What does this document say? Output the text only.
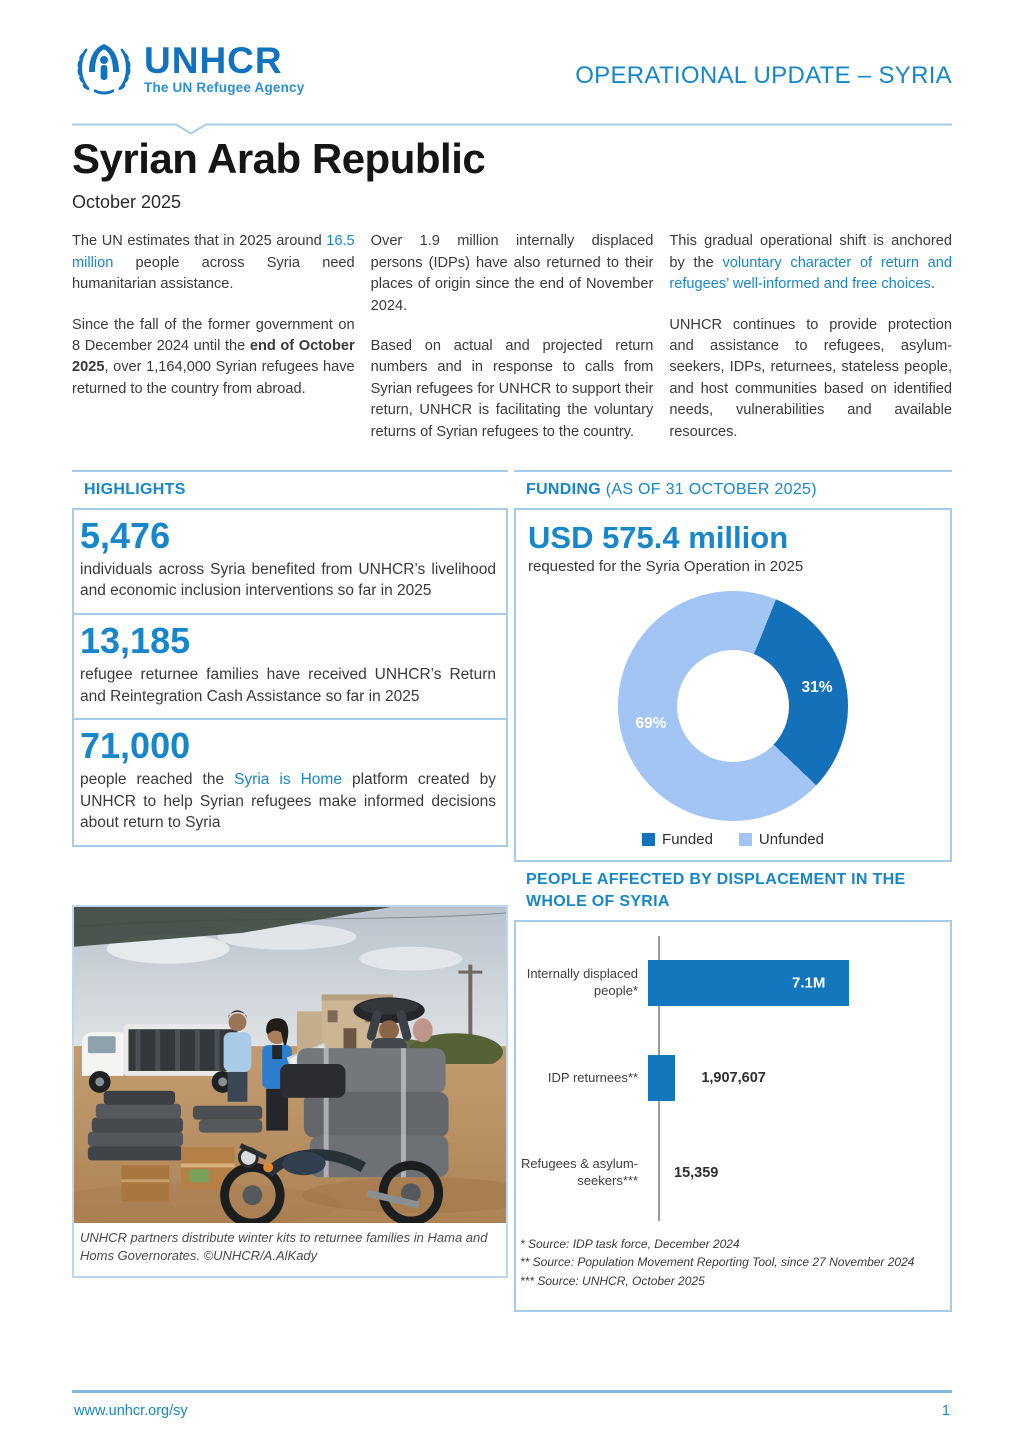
UNHCR
The UN Refugee Agency	OPERATIONAL UPDATE – SYRIA
Syrian Arab Republic
October 2025

The UN estimates that in 2025 around 16.5 million people across Syria need humanitarian assistance.

Since the fall of the former government on 8 December 2024 until the end of October 2025, over 1,164,000 Syrian refugees have returned to the country from abroad.

Over 1.9 million internally displaced persons (IDPs) have also returned to their places of origin since the end of November 2024.

Based on actual and projected return numbers and in response to calls from Syrian refugees for UNHCR to support their return, UNHCR is facilitating the voluntary returns of Syrian refugees to the country.

This gradual operational shift is anchored by the voluntary character of return and refugees’ well-informed and free choices.

UNHCR continues to provide protection and assistance to refugees, asylum-seekers, IDPs, returnees, stateless people, and host communities based on identified needs, vulnerabilities and available resources.

HIGHLIGHTS
5,476

individuals across Syria benefited from UNHCR’s livelihood and economic inclusion interventions so far in 2025

13,185

refugee returnee families have received UNHCR’s Return and Reintegration Cash Assistance so far in 2025

71,000

people reached the Syria is Home platform created by UNHCR to help Syrian refugees make informed decisions about return to Syria

UNHCR partners distribute winter kits to returnee families in Hama and Homs Governorates. ©UNHCR/A.AlKady
FUNDING (AS OF 31 OCTOBER 2025)
USD 575.4 million
requested for the Syria Operation in 2025
31%
69%
Funded	Unfunded
PEOPLE AFFECTED BY DISPLACEMENT IN THE WHOLE OF SYRIA
Internally displaced people*	7.1M
IDP returnees**	1,907,607
Refugees & asylum-seekers***	15,359
* Source: IDP task force, December 2024
** Source: Population Movement Reporting Tool, since 27 November 2024
*** Source: UNHCR, October 2025
www.unhcr.org/sy	1
